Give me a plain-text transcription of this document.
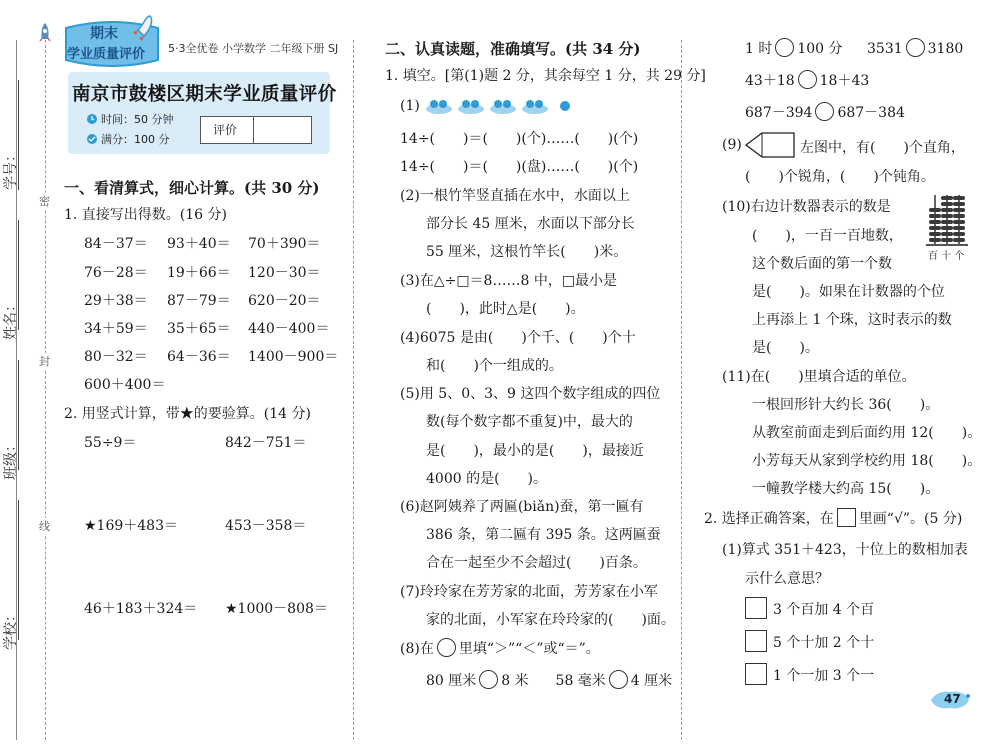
学号：
姓名：
班级：
学校：
密
封
线
期末
学业质量评价 5·3全优卷 小学数学 二年级下册 SJ
南京市鼓楼区期末学业质量评价
时间：50 分钟
满分：100 分
评价
一、看清算式，细心计算。(共 30 分)
1. 直接写出得数。(16 分)
84－37＝ 93＋40＝ 70＋390＝
76－28＝ 19＋66＝ 120－30＝
29＋38＝ 87－79＝ 620－20＝
34＋59＝ 35＋65＝ 440－400＝
80－32＝ 64－36＝ 1400－900＝
600＋400＝
2. 用竖式计算，带★的要验算。(14 分)
55÷9＝	842－751＝
★169＋483＝	453－358＝
46＋183＋324＝ ★1000－808＝
二、认真读题，准确填写。(共 34 分)
1. 填空。[第(1)题 2 分，其余每空 1 分，共 29 分]
(1)
14÷(　　)＝(　　)(个)……(　　)(个)
14÷(　　)＝(　　)(盘)……(　　)(个)
(2)一根竹竿竖直插在水中，水面以上
部分长 45 厘米，水面以下部分长
55 厘米，这根竹竿长(　　)米。
(3)在△÷□＝8……8 中，□最小是
(　　)，此时△是(　　)。
(4)6075 是由(　　)个千、(　　)个十
和(　　)个一组成的。
(5)用 5、0、3、9 这四个数字组成的四位
数(每个数字都不重复)中，最大的
是(　　)，最小的是(　　)，最接近
4000 的是(　　)。
(6)赵阿姨养了两匾(biǎn)蚕，第一匾有
386 条，第二匾有 395 条。这两匾蚕
合在一起至少不会超过(　　)百条。
(7)玲玲家在芳芳家的北面，芳芳家在小军
家的北面，小军家在玲玲家的(　　)面。
(8)在 里填“＞”“＜”或“＝”。
80 厘米 8 米 58 毫米 4 厘米
1 时 100 分 3531 3180
43＋18 18＋43
687－394 687－384
(9)	左图中，有(　　)个直角，
(　　)个锐角，(　　)个钝角。
(10)右边计数器表示的数是
(　　)，一百一百地数，
这个数后面的第一个数
是(　　)。如果在计数器的个位
上再添上 1 个珠，这时表示的数
是(　　)。
百 十 个
(11)在(　　)里填合适的单位。
一根回形针大约长 36(　　)。
从教室前面走到后面约用 12(　　)。
小芳每天从家到学校约用 18(　　)。
一幢教学楼大约高 15(　　)。
2. 选择正确答案，在 里画“√”。(5 分)
(1)算式 351＋423，十位上的数相加表
示什么意思？
3 个百加 4 个百
5 个十加 2 个十
1 个一加 3 个一
47
